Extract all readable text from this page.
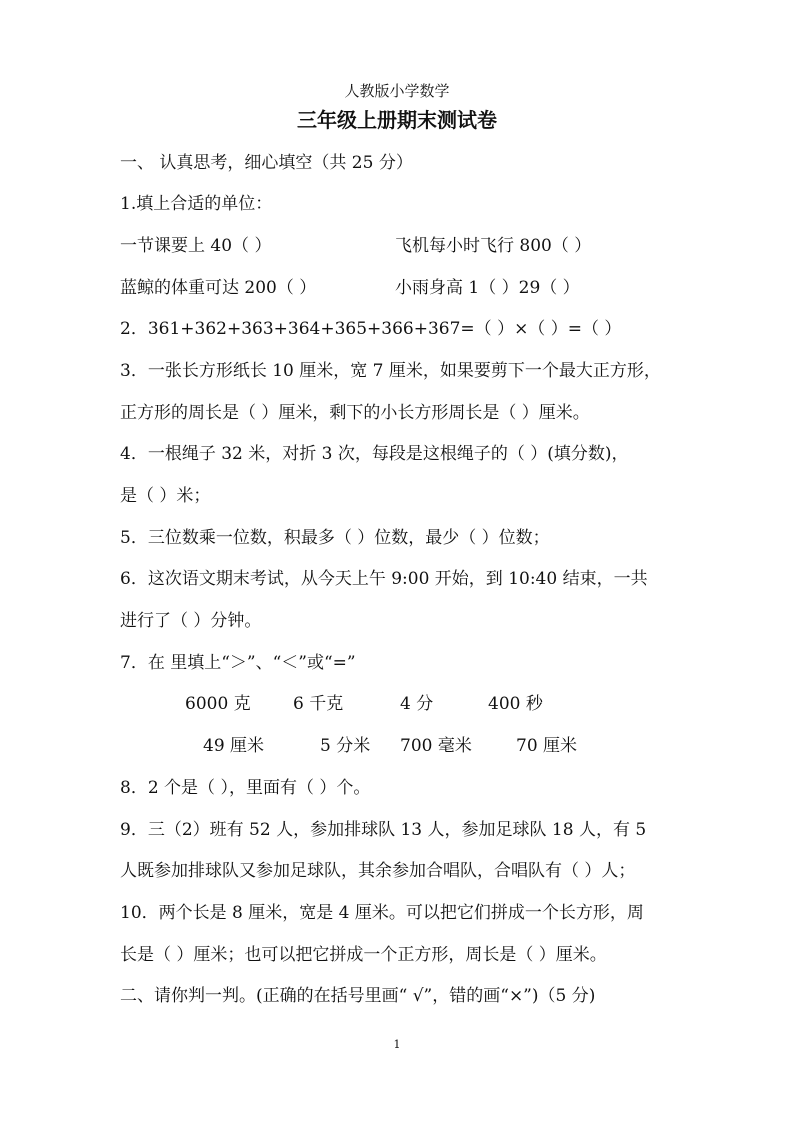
人教版小学数学
三年级上册期末测试卷
一、 认真思考，细心填空（共 25 分）
1.填上合适的单位：
一节课要上 40（ ）	飞机每小时飞行 800（ ）
蓝鲸的体重可达 200（ ）	小雨身高 1（ ）29（ ）
2．361+362+363+364+365+366+367=（ ）×（ ）=（ ）
3．一张长方形纸长 10 厘米，宽 7 厘米，如果要剪下一个最大正方形，
正方形的周长是（ ）厘米，剩下的小长方形周长是（ ）厘米。
4．一根绳子 32 米，对折 3 次，每段是这根绳子的（ ）(填分数)，
是（ ）米；
5．三位数乘一位数，积最多（ ）位数，最少（ ）位数；
6．这次语文期末考试，从今天上午 9:00 开始，到 10:40 结束，一共
进行了（ ）分钟。
7．在 里填上“＞”、“＜”或“=”
6000 克 6 千克	4 分	400 秒
49 厘米	5 分米 700 毫米	70 厘米
8．2 个是（ ），里面有（ ）个。
9．三（2）班有 52 人，参加排球队 13 人，参加足球队 18 人，有 5
人既参加排球队又参加足球队，其余参加合唱队，合唱队有（ ）人；
10．两个长是 8 厘米，宽是 4 厘米。可以把它们拼成一个长方形，周
长是（ ）厘米；也可以把它拼成一个正方形，周长是（ ）厘米。
二、请你判一判。(正确的在括号里画“ √”，错的画“×”)（5 分)
1
